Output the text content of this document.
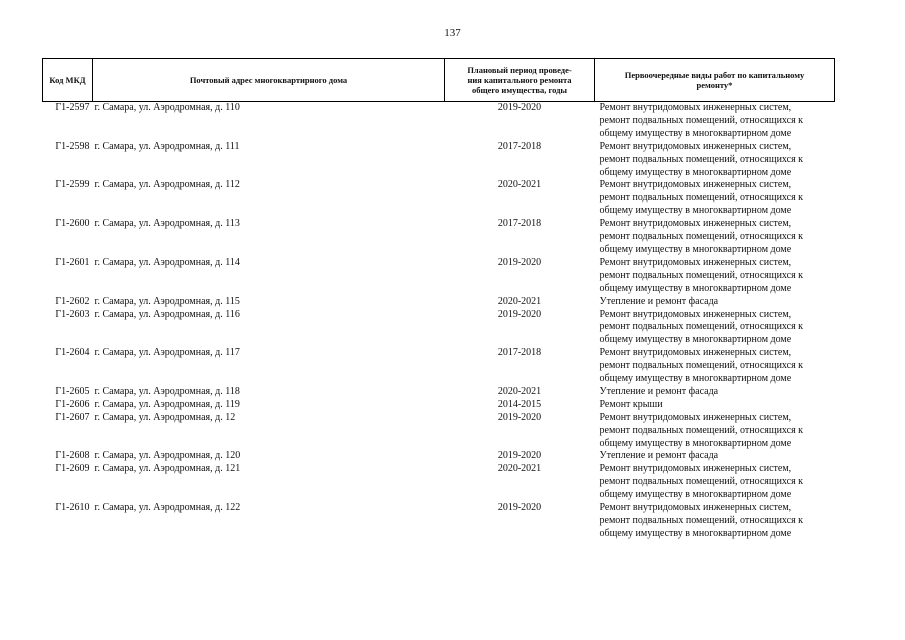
137
Код МКД	Почтовый адрес многоквартирного дома	Плановый период проведе-
ния капитального ремонта
общего имущества, годы	Первоочередные виды работ по капитальному
ремонту*

Г1-2597	г. Самара, ул. Аэродромная, д. 110	2019-2020	Ремонт внутридомовых инженерных систем,
ремонт подвальных помещений, относящихся к
общему имуществу в многоквартирном доме

Г1-2598	г. Самара, ул. Аэродромная, д. 111	2017-2018	Ремонт внутридомовых инженерных систем,
ремонт подвальных помещений, относящихся к
общему имуществу в многоквартирном доме

Г1-2599	г. Самара, ул. Аэродромная, д. 112	2020-2021	Ремонт внутридомовых инженерных систем,
ремонт подвальных помещений, относящихся к
общему имуществу в многоквартирном доме

Г1-2600	г. Самара, ул. Аэродромная, д. 113	2017-2018	Ремонт внутридомовых инженерных систем,
ремонт подвальных помещений, относящихся к
общему имуществу в многоквартирном доме

Г1-2601	г. Самара, ул. Аэродромная, д. 114	2019-2020	Ремонт внутридомовых инженерных систем,
ремонт подвальных помещений, относящихся к
общему имуществу в многоквартирном доме

Г1-2602	г. Самара, ул. Аэродромная, д. 115	2020-2021	Утепление и ремонт фасада

Г1-2603	г. Самара, ул. Аэродромная, д. 116	2019-2020	Ремонт внутридомовых инженерных систем,
ремонт подвальных помещений, относящихся к
общему имуществу в многоквартирном доме

Г1-2604	г. Самара, ул. Аэродромная, д. 117	2017-2018	Ремонт внутридомовых инженерных систем,
ремонт подвальных помещений, относящихся к
общему имуществу в многоквартирном доме

Г1-2605	г. Самара, ул. Аэродромная, д. 118	2020-2021	Утепление и ремонт фасада

Г1-2606	г. Самара, ул. Аэродромная, д. 119	2014-2015	Ремонт крыши

Г1-2607	г. Самара, ул. Аэродромная, д. 12	2019-2020	Ремонт внутридомовых инженерных систем,
ремонт подвальных помещений, относящихся к
общему имуществу в многоквартирном доме

Г1-2608	г. Самара, ул. Аэродромная, д. 120	2019-2020	Утепление и ремонт фасада

Г1-2609	г. Самара, ул. Аэродромная, д. 121	2020-2021	Ремонт внутридомовых инженерных систем,
ремонт подвальных помещений, относящихся к
общему имуществу в многоквартирном доме

Г1-2610	г. Самара, ул. Аэродромная, д. 122	2019-2020	Ремонт внутридомовых инженерных систем,
ремонт подвальных помещений, относящихся к
общему имуществу в многоквартирном доме
